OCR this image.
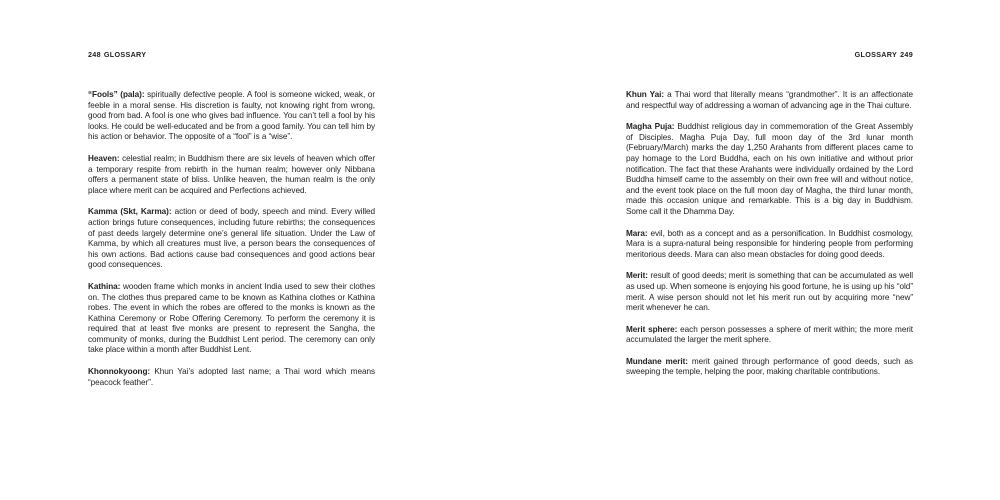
248 GLOSSARY

“Fools” (pala): spiritually defective people. A fool is someone wicked, weak, or feeble in a moral sense. His discretion is faulty, not knowing right from wrong, good from bad. A fool is one who gives bad influence. You can’t tell a fool by his looks. He could be well-educated and be from a good family. You can tell him by his action or behavior. The opposite of a “fool” is a “wise”.

Heaven: celestial realm; in Buddhism there are six levels of heaven which offer a temporary respite from rebirth in the human realm; however only Nibbana offers a permanent state of bliss. Unlike heaven, the human realm is the only place where merit can be acquired and Perfections achieved.

Kamma (Skt, Karma): action or deed of body, speech and mind. Every willed action brings future consequences, including future rebirths; the consequences of past deeds largely determine one’s general life situation. Under the Law of Kamma, by which all creatures must live, a person bears the consequences of his own actions. Bad actions cause bad consequences and good actions bear good consequences.

Kathina: wooden frame which monks in ancient India used to sew their clothes on. The clothes thus prepared came to be known as Kathina clothes or Kathina robes. The event in which the robes are offered to the monks is known as the Kathina Ceremony or Robe Offering Ceremony. To perform the ceremony it is required that at least five monks are present to represent the Sangha, the community of monks, during the Buddhist Lent period. The ceremony can only take place within a month after Buddhist Lent.

Khonnokyoong: Khun Yai’s adopted last name; a Thai word which means “peacock feather”.

GLOSSARY 249

Khun Yai: a Thai word that literally means “grandmother”. It is an affectionate and respectful way of addressing a woman of advancing age in the Thai culture.

Magha Puja: Buddhist religious day in commemoration of the Great Assembly of Disciples. Magha Puja Day, full moon day of the 3rd lunar month (February/March) marks the day 1,250 Arahants from different places came to pay homage to the Lord Buddha, each on his own initiative and without prior notification. The fact that these Arahants were individually ordained by the Lord Buddha himself came to the assembly on their own free will and without notice, and the event took place on the full moon day of Magha, the third lunar month, made this occasion unique and remarkable. This is a big day in Buddhism. Some call it the Dhamma Day.

Mara: evil, both as a concept and as a personification. In Buddhist cosmology, Mara is a supra-natural being responsible for hindering people from performing meritorious deeds. Mara can also mean obstacles for doing good deeds.

Merit: result of good deeds; merit is something that can be accumulated as well as used up. When someone is enjoying his good fortune, he is using up his “old” merit. A wise person should not let his merit run out by acquiring more “new” merit whenever he can.

Merit sphere: each person possesses a sphere of merit within; the more merit accumulated the larger the merit sphere.

Mundane merit: merit gained through performance of good deeds, such as sweeping the temple, helping the poor, making charitable contributions.
